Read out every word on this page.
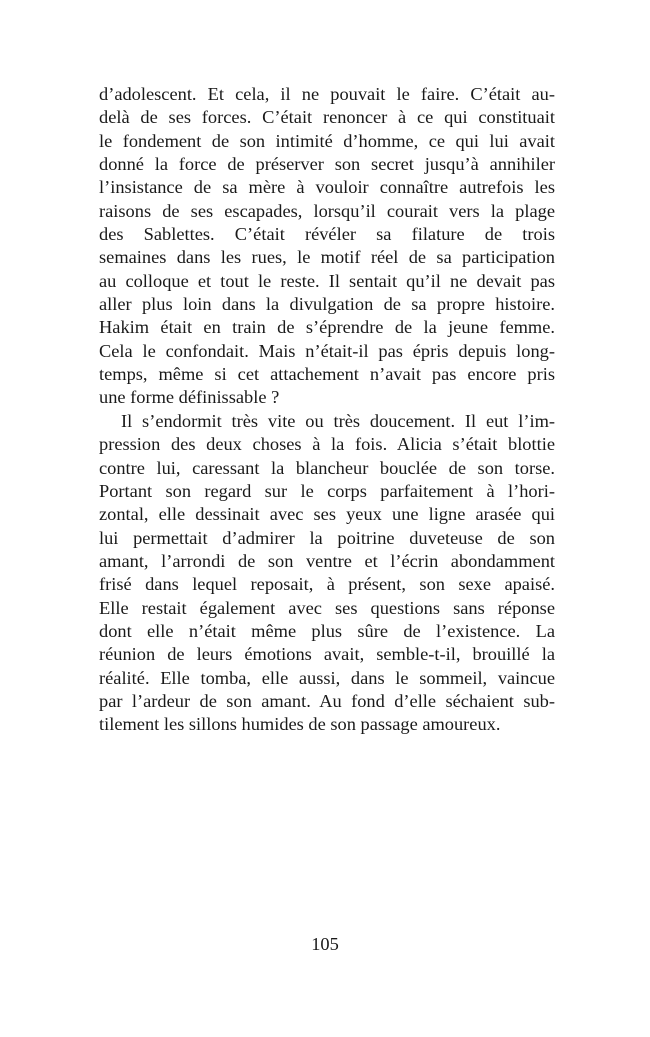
d’adolescent. Et cela, il ne pouvait le faire. C’était au-
delà de ses forces. C’était renoncer à ce qui constituait
le fondement de son intimité d’homme, ce qui lui avait
donné la force de préserver son secret jusqu’à annihiler
l’insistance de sa mère à vouloir connaître autrefois les
raisons de ses escapades, lorsqu’il courait vers la plage
des Sablettes. C’était révéler sa filature de trois
semaines dans les rues, le motif réel de sa participation
au colloque et tout le reste. Il sentait qu’il ne devait pas
aller plus loin dans la divulgation de sa propre histoire.
Hakim était en train de s’éprendre de la jeune femme.
Cela le confondait. Mais n’était-il pas épris depuis long-
temps, même si cet attachement n’avait pas encore pris
une forme définissable ?
Il s’endormit très vite ou très doucement. Il eut l’im-
pression des deux choses à la fois. Alicia s’était blottie
contre lui, caressant la blancheur bouclée de son torse.
Portant son regard sur le corps parfaitement à l’hori-
zontal, elle dessinait avec ses yeux une ligne arasée qui
lui permettait d’admirer la poitrine duveteuse de son
amant, l’arrondi de son ventre et l’écrin abondamment
frisé dans lequel reposait, à présent, son sexe apaisé.
Elle restait également avec ses questions sans réponse
dont elle n’était même plus sûre de l’existence. La
réunion de leurs émotions avait, semble-t-il, brouillé la
réalité. Elle tomba, elle aussi, dans le sommeil, vaincue
par l’ardeur de son amant. Au fond d’elle séchaient sub-
tilement les sillons humides de son passage amoureux.
105
